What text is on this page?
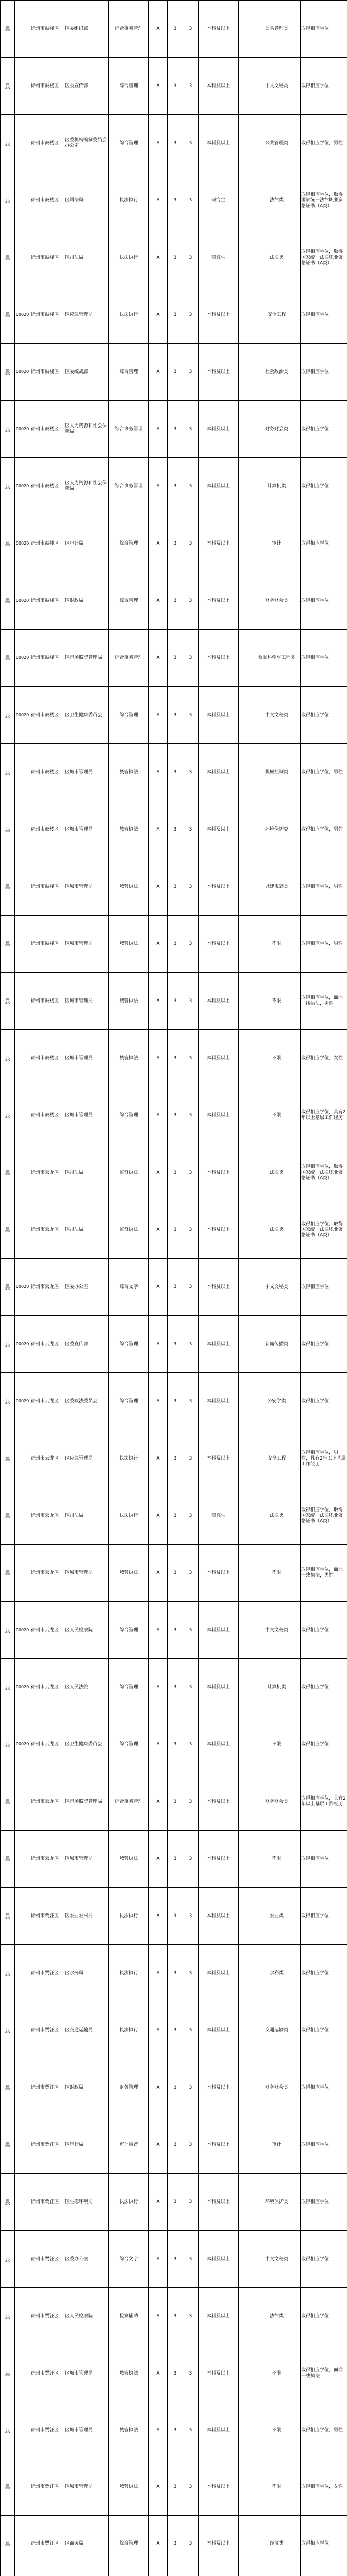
县		徐州市鼓楼区	区委组织部	综合事务管理	A	3	3	本科及以上		公共管理类	取得相应学位
县		徐州市鼓楼区	区委宣传部	综合管理	A	3	3	本科及以上		中文文秘类	取得相应学位
县		徐州市鼓楼区	区委机构编制委员会办公室	综合管理	A	3	3	本科及以上		公共管理类	取得相应学位，男性
县		徐州市鼓楼区	区司法局	执法执行	A	3	3	研究生		法律类	取得相应学位，取得国家统一法律职业资格证书（A类）
县		徐州市鼓楼区	区司法局	执法执行	A	3	3	研究生		法律类	取得相应学位，取得国家统一法律职业资格证书（A类）
县	00020	徐州市鼓楼区	区应急管理局	执法执行	A	3	3	本科及以上		安全工程	取得相应学位
县	00020	徐州市鼓楼区	区委统战部	综合管理	A	3	3	本科及以上		社会政治类	取得相应学位
县	00020	徐州市鼓楼区	区人力资源和社会保障局	综合事务管理	A	3	3	本科及以上		财务财会类	取得相应学位
县	00020	徐州市鼓楼区	区人力资源和社会保障局	综合事务管理	A	3	3	本科及以上		计算机类	取得相应学位
县	00020	徐州市鼓楼区	区审计局	综合管理	A	3	3	本科及以上		审计	取得相应学位
县	00020	徐州市鼓楼区	区财政局	综合管理	A	3	3	本科及以上		财务财会类	取得相应学位
县	00020	徐州市鼓楼区	区市场监督管理局	综合事务管理	A	3	3	本科及以上		食品科学与工程类	取得相应学位
县	00020	徐州市鼓楼区	区卫生健康委员会	综合管理	A	3	3	本科及以上		中文文秘类	取得相应学位
县		徐州市鼓楼区	区城市管理局	城管执法	A	3	3	本科及以上		机械控制类	取得相应学位，男性
县		徐州市鼓楼区	区城市管理局	城管执法	A	3	3	本科及以上		环境保护类	取得相应学位，男性
县		徐州市鼓楼区	区城市管理局	城管执法	A	3	3	本科及以上		城建规划类	取得相应学位，男性
县		徐州市鼓楼区	区城市管理局	城管执法	A	3	3	本科及以上		不限	取得相应学位，男性
县		徐州市鼓楼区	区城市管理局	城管执法	A	3	3	本科及以上		不限	取得相应学位，面向一线执法，男性
县		徐州市鼓楼区	区城市管理局	城管执法	A	3	3	本科及以上		不限	取得相应学位，女性
县		徐州市鼓楼区	区城市管理局	综合管理	A	3	3	本科及以上		不限	取得相应学位，具有2年以上基层工作经历
县		徐州市云龙区	区司法局	监督执法	A	3	3	本科及以上		法律类	取得相应学位，取得国家统一法律职业资格证书（A类）
县		徐州市云龙区	区司法局	监督执法	A	3	3	本科及以上		法律类	取得相应学位，取得国家统一法律职业资格证书（A类）
县	00020	徐州市云龙区	区委办公室	综合文字	A	3	3	本科及以上		中文文秘类	取得相应学位
县	00020	徐州市云龙区	区委宣传部	综合管理	A	3	3	本科及以上		新闻传播类	取得相应学位
县	00020	徐州市云龙区	区委政法委员会	综合管理	A	3	3	本科及以上		公安学类	取得相应学位
县		徐州市云龙区	区应急管理局	执法执行	A	3	3	本科及以上		安全工程	取得相应学位，男性，具有2年以上基层工作经历
县		徐州市云龙区	区司法局	执法执行	A	3	3	研究生		法律类	取得相应学位，取得国家统一法律职业资格证书（A类）
县		徐州市云龙区	区城市管理局	城管执法	A	3	3	本科及以上		不限	取得相应学位，面向一线执法，男性
县	00020	徐州市云龙区	区人民检察院	综合管理	A	3	3	本科及以上		中文文秘类	取得相应学位
县	00020	徐州市云龙区	区人民法院	综合管理	A	3	3	本科及以上		计算机类	取得相应学位
县	00020	徐州市云龙区	区卫生健康委员会	综合管理	A	3	3	本科及以上		不限	取得相应学位
县		徐州市云龙区	区市场监督管理局	综合事务管理	A	3	3	本科及以上		财务财会类	取得相应学位，具有2年以上基层工作经历
县		徐州市云龙区	区城市管理局	城管执法	A	3	3	本科及以上		不限	取得相应学位
县		徐州市贾汪区	区农业农村局	执法执行	A	3	3	本科及以上		农业类	取得相应学位
县		徐州市贾汪区	区水务局	执法执行	A	3	3	本科及以上		水利类	取得相应学位
县		徐州市贾汪区	区交通运输局	执法执行	A	3	3	本科及以上		交通运输类	取得相应学位
县		徐州市贾汪区	区财政局	财务管理	A	3	3	本科及以上		财务财会类	取得相应学位
县		徐州市贾汪区	区审计局	审计监督	A	3	3	本科及以上		审计	取得相应学位
县		徐州市贾汪区	区生态环境局	执法执行	A	3	3	本科及以上		环境保护类	取得相应学位
县		徐州市贾汪区	区委办公室	综合文字	A	3	3	本科及以上		中文文秘类	取得相应学位
县		徐州市贾汪区	区人民检察院	检察辅助	A	3	3	本科及以上		法律类	取得相应学位
县		徐州市贾汪区	区城市管理局	城管执法	A	3	3	本科及以上		不限	取得相应学位，面向一线执法
县		徐州市贾汪区	区城市管理局	城管执法	A	3	3	本科及以上		不限	取得相应学位，男性
县		徐州市贾汪区	区城市管理局	城管执法	A	3	3	本科及以上		不限	取得相应学位，女性
县		徐州市贾汪区	区商务局	综合管理	A	3	3	本科及以上		经济类	取得相应学位
